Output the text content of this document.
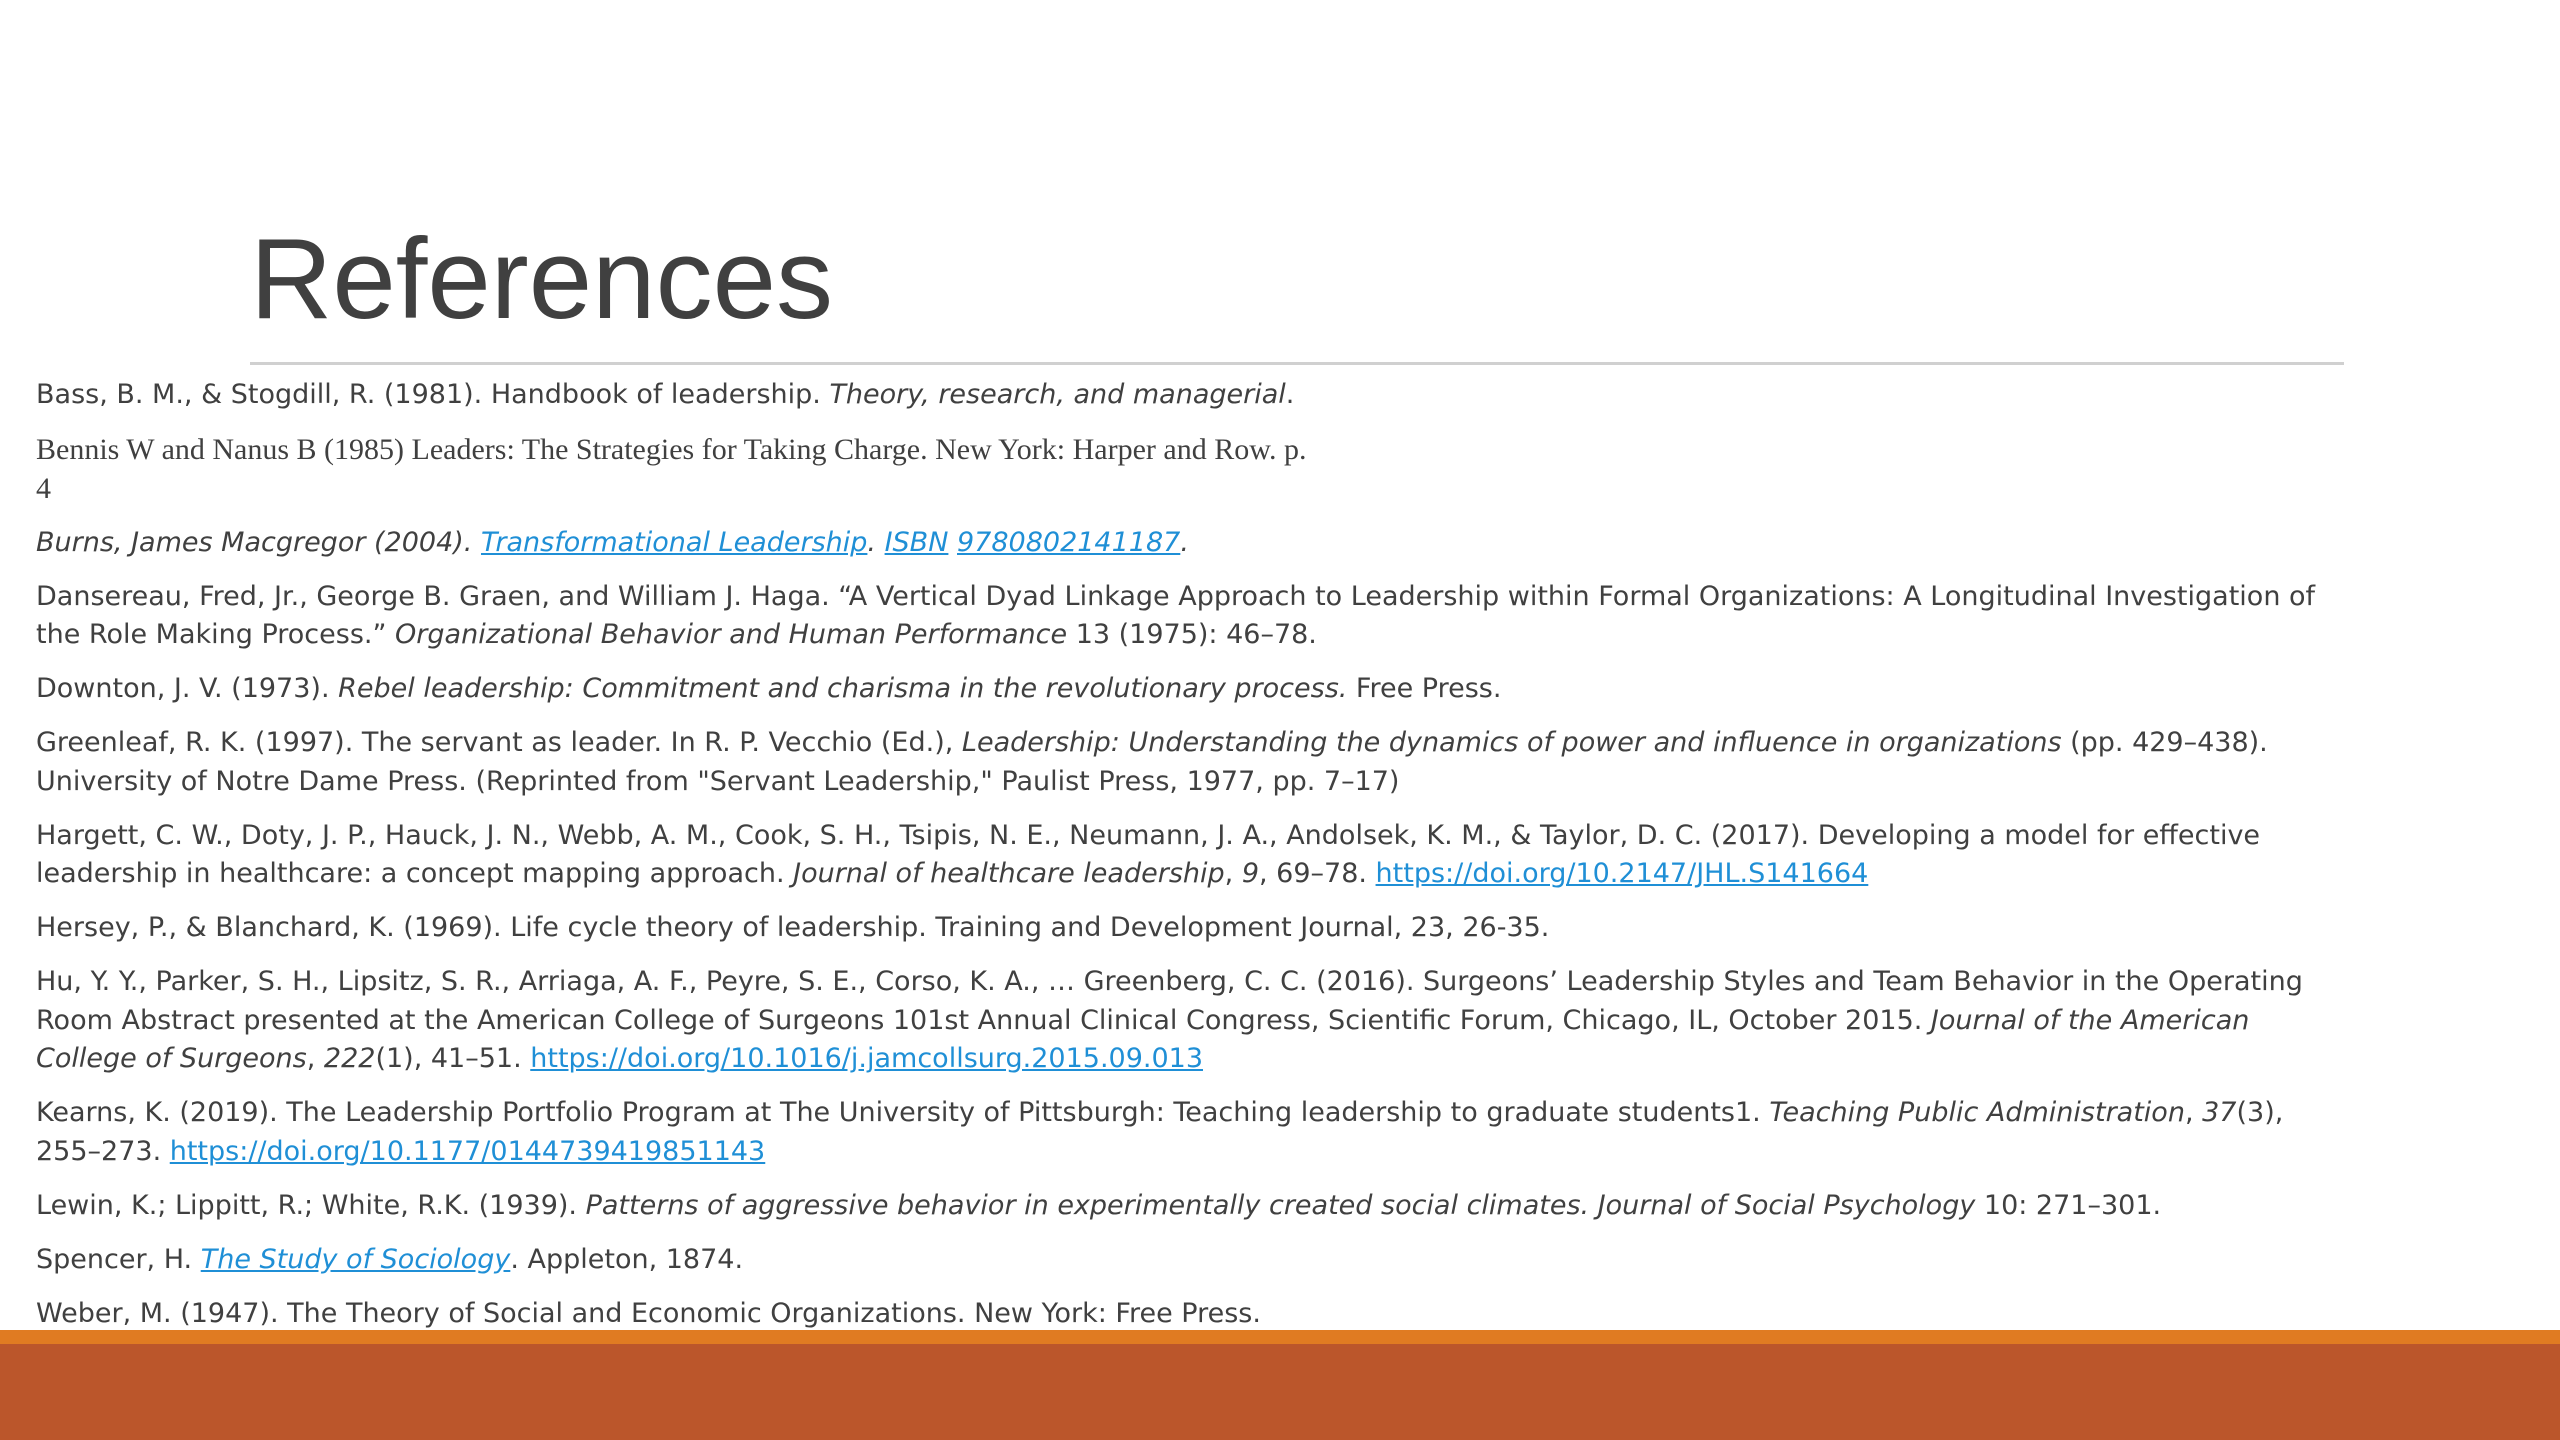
References

Bass, B. M., & Stogdill, R. (1981). Handbook of leadership. Theory, research, and managerial.

Bennis W and Nanus B (1985) Leaders: The Strategies for Taking Charge. New York: Harper and Row. p. 4

Burns, James Macgregor (2004). Transformational Leadership. ISBN 9780802141187.

Dansereau, Fred, Jr., George B. Graen, and William J. Haga. “A Vertical Dyad Linkage Approach to Leadership within Formal Organizations: A Longitudinal Investigation of the Role Making Process.” Organizational Behavior and Human Performance 13 (1975): 46–78.

Downton, J. V. (1973). Rebel leadership: Commitment and charisma in the revolutionary process. Free Press.

Greenleaf, R. K. (1997). The servant as leader. In R. P. Vecchio (Ed.), Leadership: Understanding the dynamics of power and influence in organizations (pp. 429–438). University of Notre Dame Press. (Reprinted from "Servant Leadership," Paulist Press, 1977, pp. 7–17)

Hargett, C. W., Doty, J. P., Hauck, J. N., Webb, A. M., Cook, S. H., Tsipis, N. E., Neumann, J. A., Andolsek, K. M., & Taylor, D. C. (2017). Developing a model for effective leadership in healthcare: a concept mapping approach. Journal of healthcare leadership, 9, 69–78. https://doi.org/10.2147/JHL.S141664

Hersey, P., & Blanchard, K. (1969). Life cycle theory of leadership. Training and Development Journal, 23, 26-35.

Hu, Y. Y., Parker, S. H., Lipsitz, S. R., Arriaga, A. F., Peyre, S. E., Corso, K. A., … Greenberg, C. C. (2016). Surgeons’ Leadership Styles and Team Behavior in the Operating Room Abstract presented at the American College of Surgeons 101st Annual Clinical Congress, Scientific Forum, Chicago, IL, October 2015. Journal of the American College of Surgeons, 222(1), 41–51. https://doi.org/10.1016/j.jamcollsurg.2015.09.013

Kearns, K. (2019). The Leadership Portfolio Program at The University of Pittsburgh: Teaching leadership to graduate students1. Teaching Public Administration, 37(3), 255–273. https://doi.org/10.1177/0144739419851143

Lewin, K.; Lippitt, R.; White, R.K. (1939). Patterns of aggressive behavior in experimentally created social climates. Journal of Social Psychology 10: 271–301.

Spencer, H. The Study of Sociology. Appleton, 1874.

Weber, M. (1947). The Theory of Social and Economic Organizations. New York: Free Press.
